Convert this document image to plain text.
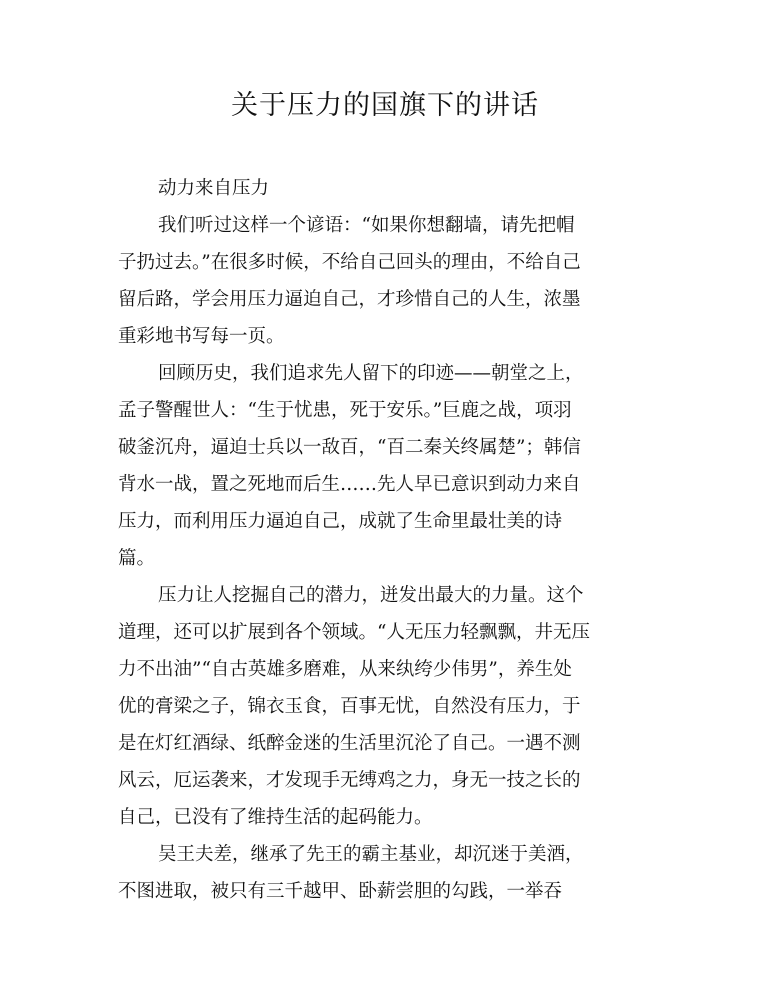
关于压力的国旗下的讲话

动力来自压力

我们听过这样一个谚语：“如果你想翻墙，请先把帽
子扔过去。”在很多时候，不给自己回头的理由，不给自己
留后路，学会用压力逼迫自己，才珍惜自己的人生，浓墨
重彩地书写每一页。

回顾历史，我们追求先人留下的印迹——朝堂之上，
孟子警醒世人：“生于忧患，死于安乐。”巨鹿之战，项羽
破釜沉舟，逼迫士兵以一敌百，“百二秦关终属楚”；韩信
背水一战，置之死地而后生……先人早已意识到动力来自
压力，而利用压力逼迫自己，成就了生命里最壮美的诗
篇。

压力让人挖掘自己的潜力，迸发出最大的力量。这个
道理，还可以扩展到各个领域。“人无压力轻飘飘，井无压
力不出油”“自古英雄多磨难，从来纨绔少伟男”，养生处
优的膏梁之子，锦衣玉食，百事无忧，自然没有压力，于
是在灯红酒绿、纸醉金迷的生活里沉沦了自己。一遇不测
风云，厄运袭来，才发现手无缚鸡之力，身无一技之长的
自己，已没有了维持生活的起码能力。

吴王夫差，继承了先王的霸主基业，却沉迷于美酒，
不图进取，被只有三千越甲、卧薪尝胆的勾践，一举吞
